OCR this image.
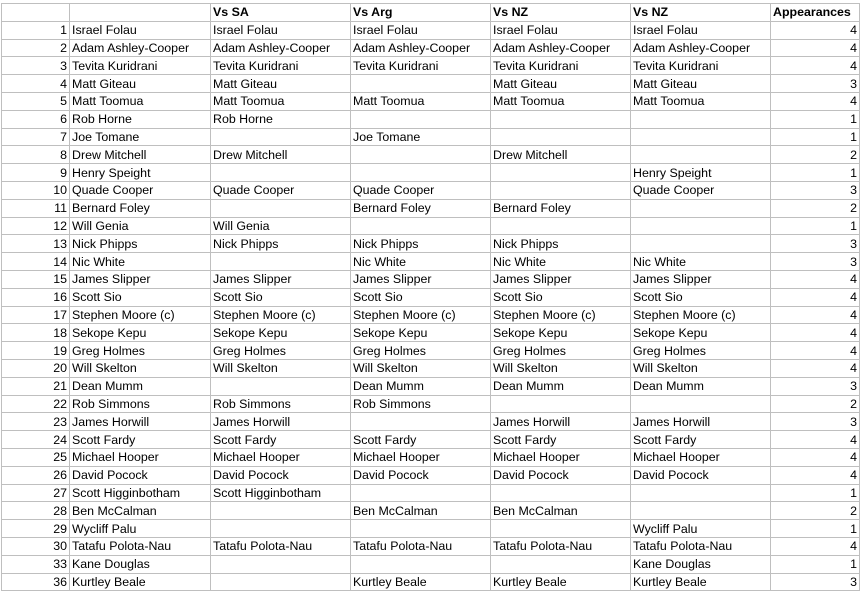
		Vs SA	Vs Arg	Vs NZ	Vs NZ	Appearances
1	Israel Folau	Israel Folau	Israel Folau	Israel Folau	Israel Folau	4
2	Adam Ashley-Cooper	Adam Ashley-Cooper	Adam Ashley-Cooper	Adam Ashley-Cooper	Adam Ashley-Cooper	4
3	Tevita Kuridrani	Tevita Kuridrani	Tevita Kuridrani	Tevita Kuridrani	Tevita Kuridrani	4
4	Matt Giteau	Matt Giteau		Matt Giteau	Matt Giteau	3
5	Matt Toomua	Matt Toomua	Matt Toomua	Matt Toomua	Matt Toomua	4
6	Rob Horne	Rob Horne				1
7	Joe Tomane		Joe Tomane			1
8	Drew Mitchell	Drew Mitchell		Drew Mitchell		2
9	Henry Speight				Henry Speight	1
10	Quade Cooper	Quade Cooper	Quade Cooper		Quade Cooper	3
11	Bernard Foley		Bernard Foley	Bernard Foley		2
12	Will Genia	Will Genia				1
13	Nick Phipps	Nick Phipps	Nick Phipps	Nick Phipps		3
14	Nic White		Nic White	Nic White	Nic White	3
15	James Slipper	James Slipper	James Slipper	James Slipper	James Slipper	4
16	Scott Sio	Scott Sio	Scott Sio	Scott Sio	Scott Sio	4
17	Stephen Moore (c)	Stephen Moore (c)	Stephen Moore (c)	Stephen Moore (c)	Stephen Moore (c)	4
18	Sekope Kepu	Sekope Kepu	Sekope Kepu	Sekope Kepu	Sekope Kepu	4
19	Greg Holmes	Greg Holmes	Greg Holmes	Greg Holmes	Greg Holmes	4
20	Will Skelton	Will Skelton	Will Skelton	Will Skelton	Will Skelton	4
21	Dean Mumm		Dean Mumm	Dean Mumm	Dean Mumm	3
22	Rob Simmons	Rob Simmons	Rob Simmons			2
23	James Horwill	James Horwill		James Horwill	James Horwill	3
24	Scott Fardy	Scott Fardy	Scott Fardy	Scott Fardy	Scott Fardy	4
25	Michael Hooper	Michael Hooper	Michael Hooper	Michael Hooper	Michael Hooper	4
26	David Pocock	David Pocock	David Pocock	David Pocock	David Pocock	4
27	Scott Higginbotham	Scott Higginbotham				1
28	Ben McCalman		Ben McCalman	Ben McCalman		2
29	Wycliff Palu				Wycliff Palu	1
30	Tatafu Polota-Nau	Tatafu Polota-Nau	Tatafu Polota-Nau	Tatafu Polota-Nau	Tatafu Polota-Nau	4
33	Kane Douglas				Kane Douglas	1
36	Kurtley Beale		Kurtley Beale	Kurtley Beale	Kurtley Beale	3
